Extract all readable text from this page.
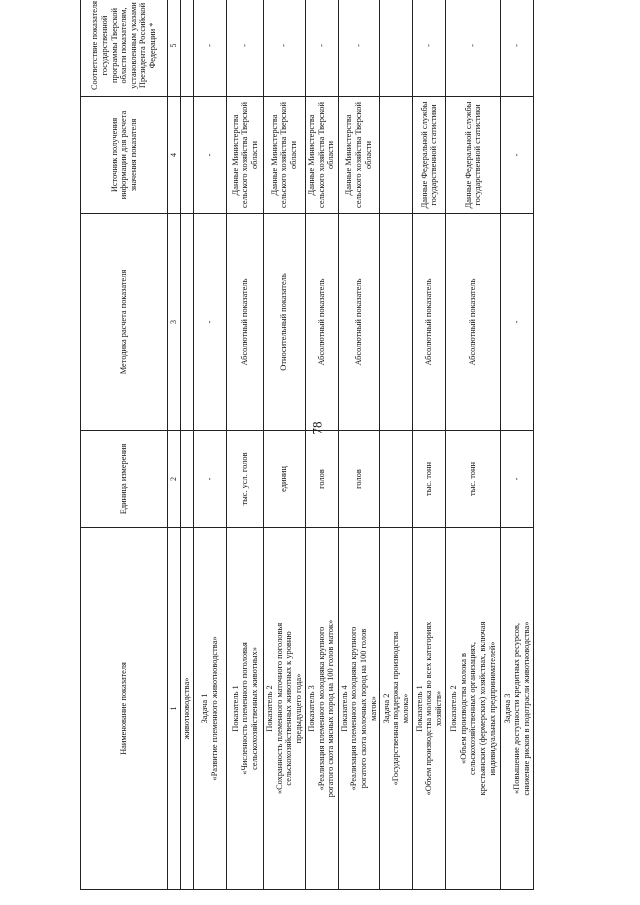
78
Наименование показателя	Единица измерения	Методика расчета показателя	Источник получения информации для расчета значения показателя	Соответствие показателя государственной программы Тверской области показателям, установленным указами Президента Российской Федерации *
1	2	3	4	5

животноводства»				

Задача 1 «Развитие племенного животноводства»	-	-	-	-

Показатель 1 «Численность племенного поголовья сельскохозяйственных животных»	тыс. усл. голов	Абсолютный показатель	Данные Министерства сельского хозяйства Тверской области	-

Показатель 2 «Сохранность племенного маточного поголовья сельскохозяйственных животных к уровню предыдущего года»	единиц	Относительный показатель	Данные Министерства сельского хозяйства Тверской области	-

Показатель 3 «Реализация племенного молодняка крупного рогатого скота мясных пород на 100 голов маток»	голов	Абсолютный показатель	Данные Министерства сельского хозяйства Тверской области	-

Показатель 4 «Реализация племенного молодняка крупного рогатого скота молочных пород на 100 голов маток»	голов	Абсолютный показатель	Данные Министерства сельского хозяйства Тверской области	-

Задача 2 «Государственная поддержка производства молока»				

Показатель 1 «Объем производства молока во всех категориях хозяйств»	тыс. тонн	Абсолютный показатель	Данные Федеральной службы государственной статистики	-

Показатель 2 «Объем производства молока в сельскохозяйственных организациях, крестьянских (фермерских) хозяйствах, включая индивидуальных предпринимателей»	тыс. тонн	Абсолютный показатель	Данные Федеральной службы государственной статистики	-

Задача 3 «Повышение доступности кредитных ресурсов, снижение рисков в подотрасли животноводства»	-	-	-	-
